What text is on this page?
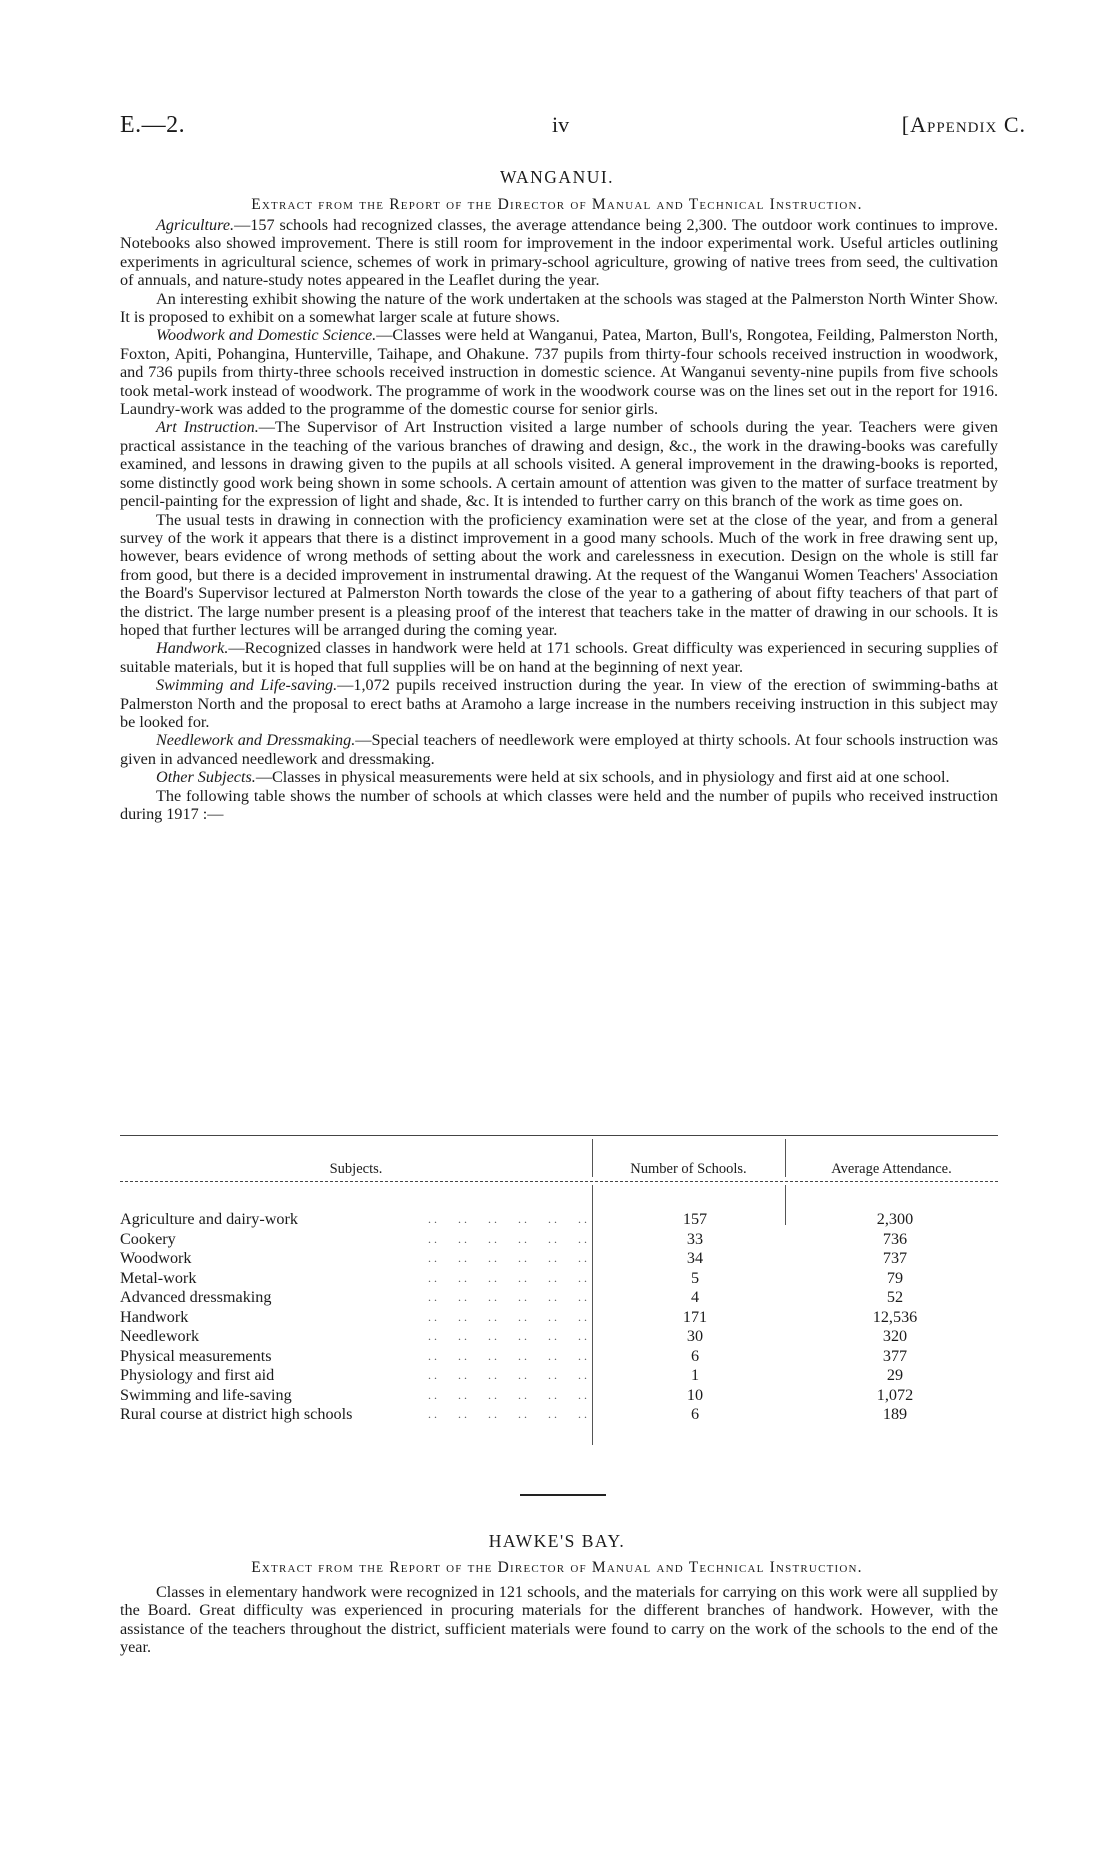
E.—2.	iv	[Appendix C.
WANGANUI.
Extract from the Report of the Director of Manual and Technical Instruction.

Agriculture.—157 schools had recognized classes, the average attendance being 2,300. The outdoor work continues to improve. Notebooks also showed improvement. There is still room for improvement in the indoor experimental work. Useful articles outlining experiments in agricultural science, schemes of work in primary-school agriculture, growing of native trees from seed, the cultivation of annuals, and nature-study notes appeared in the Leaflet during the year.

An interesting exhibit showing the nature of the work undertaken at the schools was staged at the Palmerston North Winter Show. It is proposed to exhibit on a somewhat larger scale at future shows.

Woodwork and Domestic Science.—Classes were held at Wanganui, Patea, Marton, Bull's, Rongotea, Feilding, Palmerston North, Foxton, Apiti, Pohangina, Hunterville, Taihape, and Ohakune. 737 pupils from thirty-four schools received instruction in woodwork, and 736 pupils from thirty-three schools received instruction in domestic science. At Wanganui seventy-nine pupils from five schools took metal-work instead of woodwork. The programme of work in the woodwork course was on the lines set out in the report for 1916. Laundry-work was added to the programme of the domestic course for senior girls.

Art Instruction.—The Supervisor of Art Instruction visited a large number of schools during the year. Teachers were given practical assistance in the teaching of the various branches of drawing and design, &c., the work in the drawing-books was carefully examined, and lessons in drawing given to the pupils at all schools visited. A general improvement in the drawing-books is reported, some distinctly good work being shown in some schools. A certain amount of attention was given to the matter of surface treatment by pencil-painting for the expression of light and shade, &c. It is intended to further carry on this branch of the work as time goes on.

The usual tests in drawing in connection with the proficiency examination were set at the close of the year, and from a general survey of the work it appears that there is a distinct improvement in a good many schools. Much of the work in free drawing sent up, however, bears evidence of wrong methods of setting about the work and carelessness in execution. Design on the whole is still far from good, but there is a decided improvement in instrumental drawing. At the request of the Wanganui Women Teachers' Association the Board's Supervisor lectured at Palmerston North towards the close of the year to a gathering of about fifty teachers of that part of the district. The large number present is a pleasing proof of the interest that teachers take in the matter of drawing in our schools. It is hoped that further lectures will be arranged during the coming year.

Handwork.—Recognized classes in handwork were held at 171 schools. Great difficulty was experienced in securing supplies of suitable materials, but it is hoped that full supplies will be on hand at the beginning of next year.

Swimming and Life-saving.—1,072 pupils received instruction during the year. In view of the erection of swimming-baths at Palmerston North and the proposal to erect baths at Aramoho a large increase in the numbers receiving instruction in this subject may be looked for.

Needlework and Dressmaking.—Special teachers of needlework were employed at thirty schools. At four schools instruction was given in advanced needlework and dressmaking.

Other Subjects.—Classes in physical measurements were held at six schools, and in physiology and first aid at one school.

The following table shows the number of schools at which classes were held and the number of pupils who received instruction during 1917 :—

Subjects.	Number of Schools.	Average Attendance.
..   ..   ..   ..   ..   ..
Agriculture and dairy-work	157	2,300
..   ..   ..   ..   ..   ..
Cookery	33	736
..   ..   ..   ..   ..   ..
Woodwork	34	737
..   ..   ..   ..   ..   ..
Metal-work	5	79
..   ..   ..   ..   ..   ..
Advanced dressmaking	4	52
..   ..   ..   ..   ..   ..
Handwork	171	12,536
..   ..   ..   ..   ..   ..
Needlework	30	320
..   ..   ..   ..   ..   ..
Physical measurements	6	377
..   ..   ..   ..   ..   ..
Physiology and first aid	1	29
..   ..   ..   ..   ..   ..
Swimming and life-saving	10	1,072
..   ..   ..   ..   ..   ..
Rural course at district high schools	6	189
HAWKE'S BAY.
Extract from the Report of the Director of Manual and Technical Instruction.

Classes in elementary handwork were recognized in 121 schools, and the materials for carrying on this work were all supplied by the Board. Great difficulty was experienced in procuring materials for the different branches of handwork. However, with the assistance of the teachers throughout the district, sufficient materials were found to carry on the work of the schools to the end of the year.
